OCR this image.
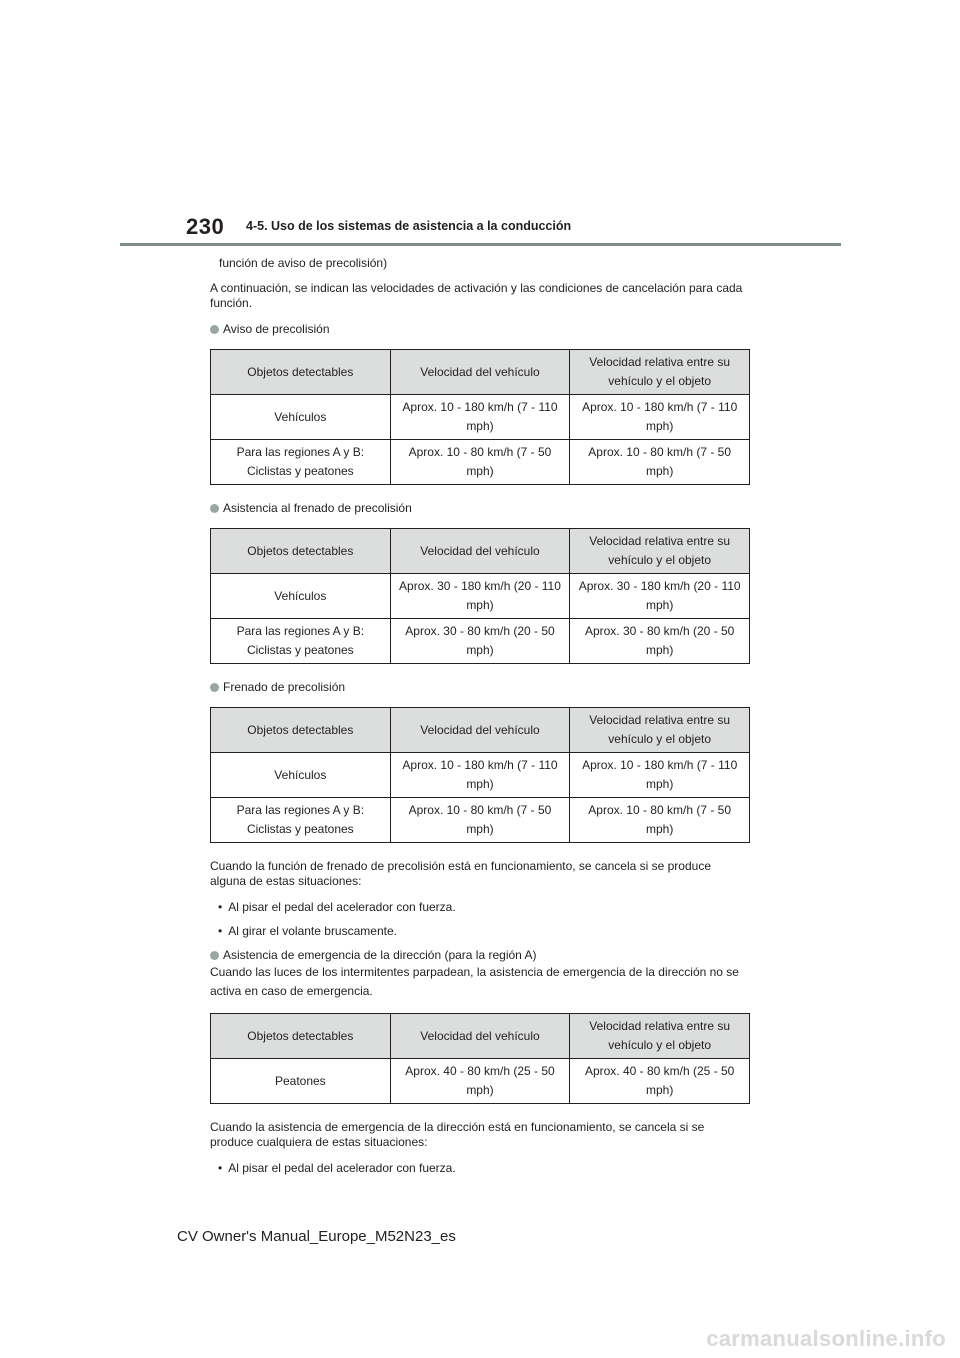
230 4-5. Uso de los sistemas de asistencia a la conducción

función de aviso de precolisión)

A continuación, se indican las velocidades de activación y las condiciones de cancelación para cada función.

Aviso de precolisión

Objetos detectables	Velocidad del vehículo	Velocidad relativa entre su vehículo y el objeto
Vehículos	Aprox. 10 - 180 km/h (7 - 110 mph)	Aprox. 10 - 180 km/h (7 - 110 mph)
Para las regiones A y B: Ciclistas y peatones	Aprox. 10 - 80 km/h (7 - 50 mph)	Aprox. 10 - 80 km/h (7 - 50 mph)

Asistencia al frenado de precolisión

Objetos detectables	Velocidad del vehículo	Velocidad relativa entre su vehículo y el objeto
Vehículos	Aprox. 30 - 180 km/h (20 - 110 mph)	Aprox. 30 - 180 km/h (20 - 110 mph)
Para las regiones A y B: Ciclistas y peatones	Aprox. 30 - 80 km/h (20 - 50 mph)	Aprox. 30 - 80 km/h (20 - 50 mph)

Frenado de precolisión

Objetos detectables	Velocidad del vehículo	Velocidad relativa entre su vehículo y el objeto
Vehículos	Aprox. 10 - 180 km/h (7 - 110 mph)	Aprox. 10 - 180 km/h (7 - 110 mph)
Para las regiones A y B: Ciclistas y peatones	Aprox. 10 - 80 km/h (7 - 50 mph)	Aprox. 10 - 80 km/h (7 - 50 mph)

Cuando la función de frenado de precolisión está en funcionamiento, se cancela si se produce alguna de estas situaciones:

•  Al pisar el pedal del acelerador con fuerza.

•  Al girar el volante bruscamente.

Asistencia de emergencia de la dirección (para la región A)

Cuando las luces de los intermitentes parpadean, la asistencia de emergencia de la dirección no se activa en caso de emergencia.

Objetos detectables	Velocidad del vehículo	Velocidad relativa entre su vehículo y el objeto
Peatones	Aprox. 40 - 80 km/h (25 - 50 mph)	Aprox. 40 - 80 km/h (25 - 50 mph)

Cuando la asistencia de emergencia de la dirección está en funcionamiento, se cancela si se produce cualquiera de estas situaciones:

•  Al pisar el pedal del acelerador con fuerza.

CV Owner's Manual_Europe_M52N23_es
carmanualsonline.info
